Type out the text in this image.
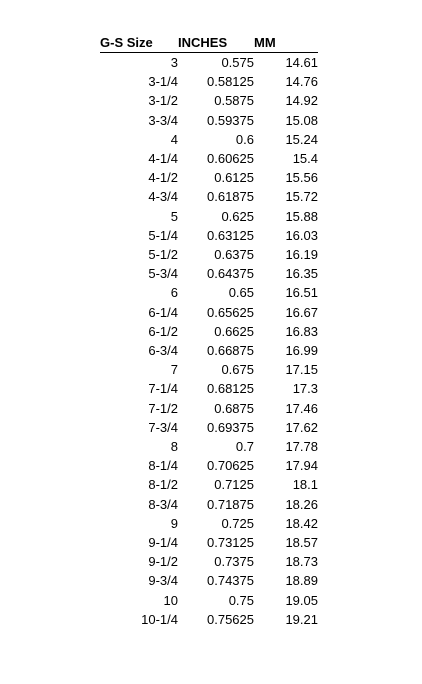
G-S Size	INCHES	MM
3	0.575	14.61
3-1/4	0.58125	14.76
3-1/2	0.5875	14.92
3-3/4	0.59375	15.08
4	0.6	15.24
4-1/4	0.60625	15.4
4-1/2	0.6125	15.56
4-3/4	0.61875	15.72
5	0.625	15.88
5-1/4	0.63125	16.03
5-1/2	0.6375	16.19
5-3/4	0.64375	16.35
6	0.65	16.51
6-1/4	0.65625	16.67
6-1/2	0.6625	16.83
6-3/4	0.66875	16.99
7	0.675	17.15
7-1/4	0.68125	17.3
7-1/2	0.6875	17.46
7-3/4	0.69375	17.62
8	0.7	17.78
8-1/4	0.70625	17.94
8-1/2	0.7125	18.1
8-3/4	0.71875	18.26
9	0.725	18.42
9-1/4	0.73125	18.57
9-1/2	0.7375	18.73
9-3/4	0.74375	18.89
10	0.75	19.05
10-1/4	0.75625	19.21
